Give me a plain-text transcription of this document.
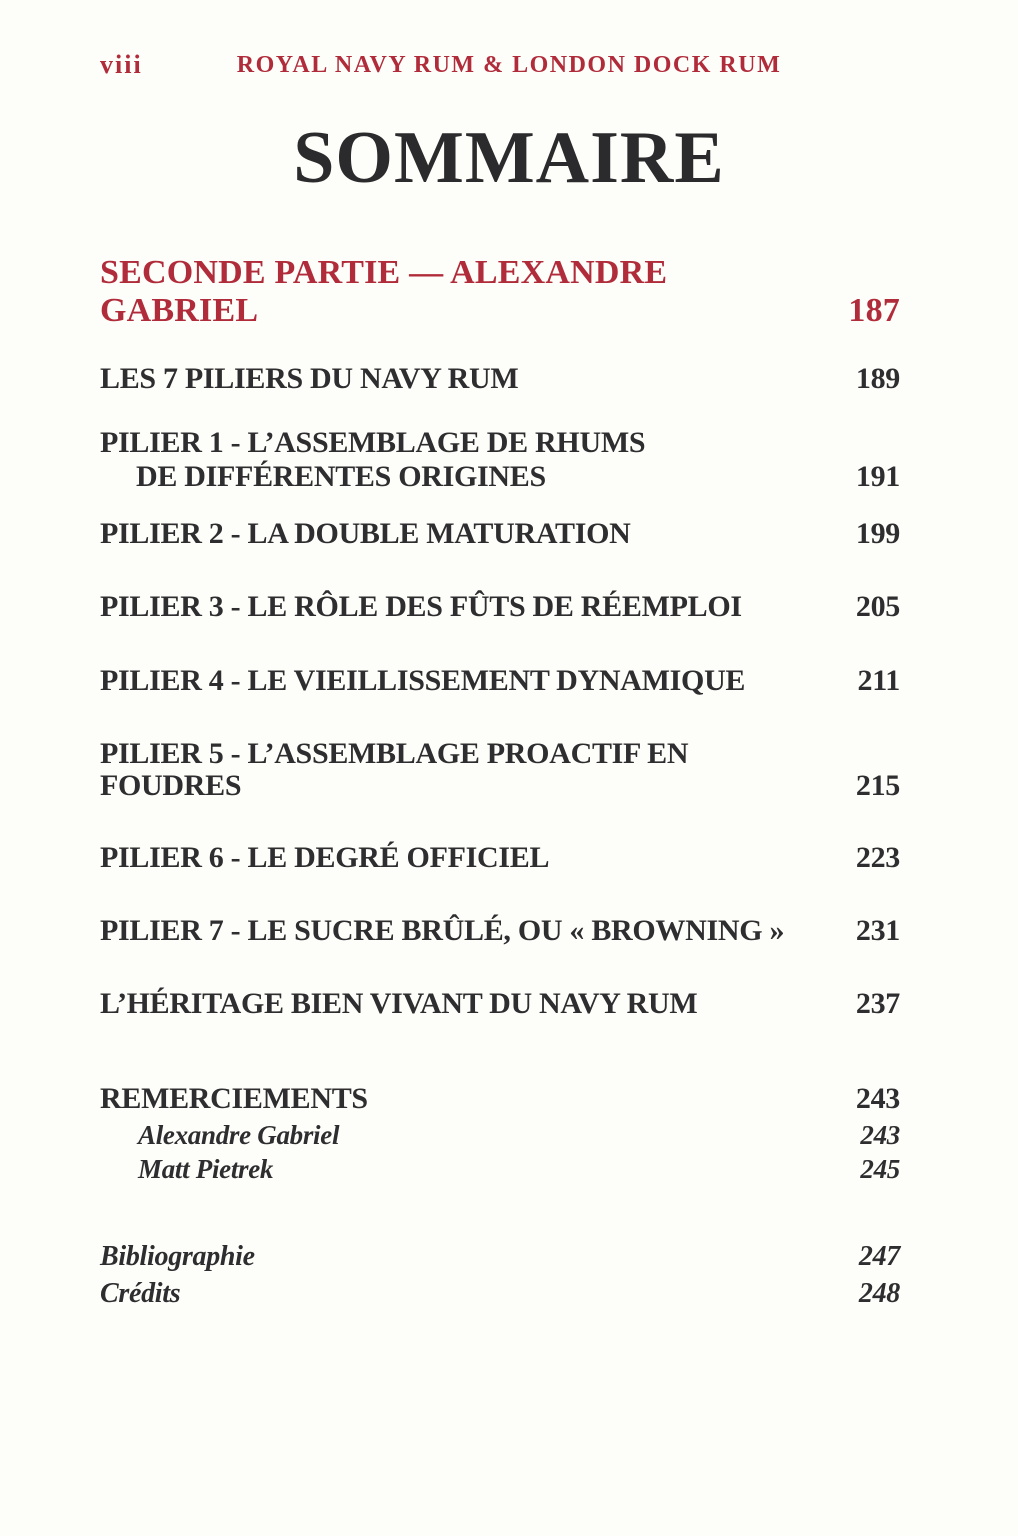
viii	ROYAL NAVY RUM & LONDON DOCK RUM
SOMMAIRE
SECONDE PARTIE — ALEXANDRE GABRIEL	187
LES 7 PILIERS DU NAVY RUM	189
PILIER 1 - L’ASSEMBLAGE DE RHUMS
DE DIFFÉRENTES ORIGINES	191
PILIER 2 - LA DOUBLE MATURATION	199
PILIER 3 - LE RÔLE DES FÛTS DE RÉEMPLOI	205
PILIER 4 - LE VIEILLISSEMENT DYNAMIQUE	211
PILIER 5 - L’ASSEMBLAGE PROACTIF EN FOUDRES	215
PILIER 6 - LE DEGRÉ OFFICIEL	223
PILIER 7 - LE SUCRE BRÛLÉ, OU « BROWNING »	231
L’HÉRITAGE BIEN VIVANT DU NAVY RUM	237
REMERCIEMENTS	243
Alexandre Gabriel	243
Matt Pietrek	245
Bibliographie	247
Crédits	248
